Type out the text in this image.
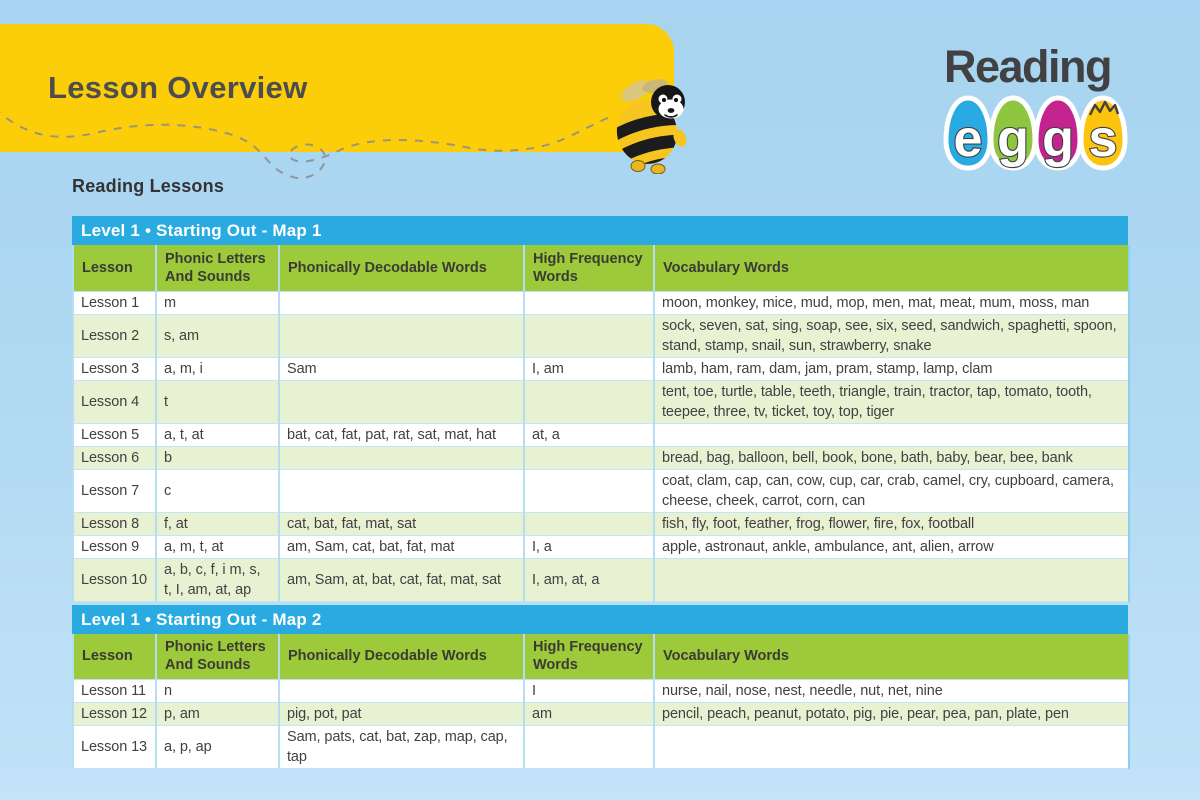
Lesson Overview	Reading
e g g s
Reading Lessons
Level 1 • Starting Out - Map 1
Lesson	Phonic Letters And Sounds	Phonically Decodable Words	High Frequency Words	Vocabulary Words
Lesson 1	m			moon, monkey, mice, mud, mop, men, mat, meat, mum, moss, man
Lesson 2	s, am			sock, seven, sat, sing, soap, see, six, seed, sandwich, spaghetti, spoon, stand, stamp, snail, sun, strawberry, snake
Lesson 3	a, m, i	Sam	I, am	lamb, ham, ram, dam, jam, pram, stamp, lamp, clam
Lesson 4	t			tent, toe, turtle, table, teeth, triangle, train, tractor, tap, tomato, tooth, teepee, three, tv, ticket, toy, top, tiger
Lesson 5	a, t, at	bat, cat, fat, pat, rat, sat, mat, hat	at, a	
Lesson 6	b			bread, bag, balloon, bell, book, bone, bath, baby, bear, bee, bank
Lesson 7	c			coat, clam, cap, can, cow, cup, car, crab, camel, cry, cupboard, camera, cheese, cheek, carrot, corn, can
Lesson 8	f, at	cat, bat, fat, mat, sat		fish, fly, foot, feather, frog, flower, fire, fox, football
Lesson 9	a, m, t, at	am, Sam, cat, bat, fat, mat	I, a	apple, astronaut, ankle, ambulance, ant, alien, arrow
Lesson 10	a, b, c, f, i m, s, t, I, am, at, ap	am, Sam, at, bat, cat, fat, mat, sat	I, am, at, a	
Level 1 • Starting Out - Map 2
Lesson	Phonic Letters And Sounds	Phonically Decodable Words	High Frequency Words	Vocabulary Words
Lesson 11	n		I	nurse, nail, nose, nest, needle, nut, net, nine
Lesson 12	p, am	pig, pot, pat	am	pencil, peach, peanut, potato, pig, pie, pear, pea, pan, plate, pen
Lesson 13	a, p, ap	Sam, pats, cat, bat, zap, map, cap, tap		
